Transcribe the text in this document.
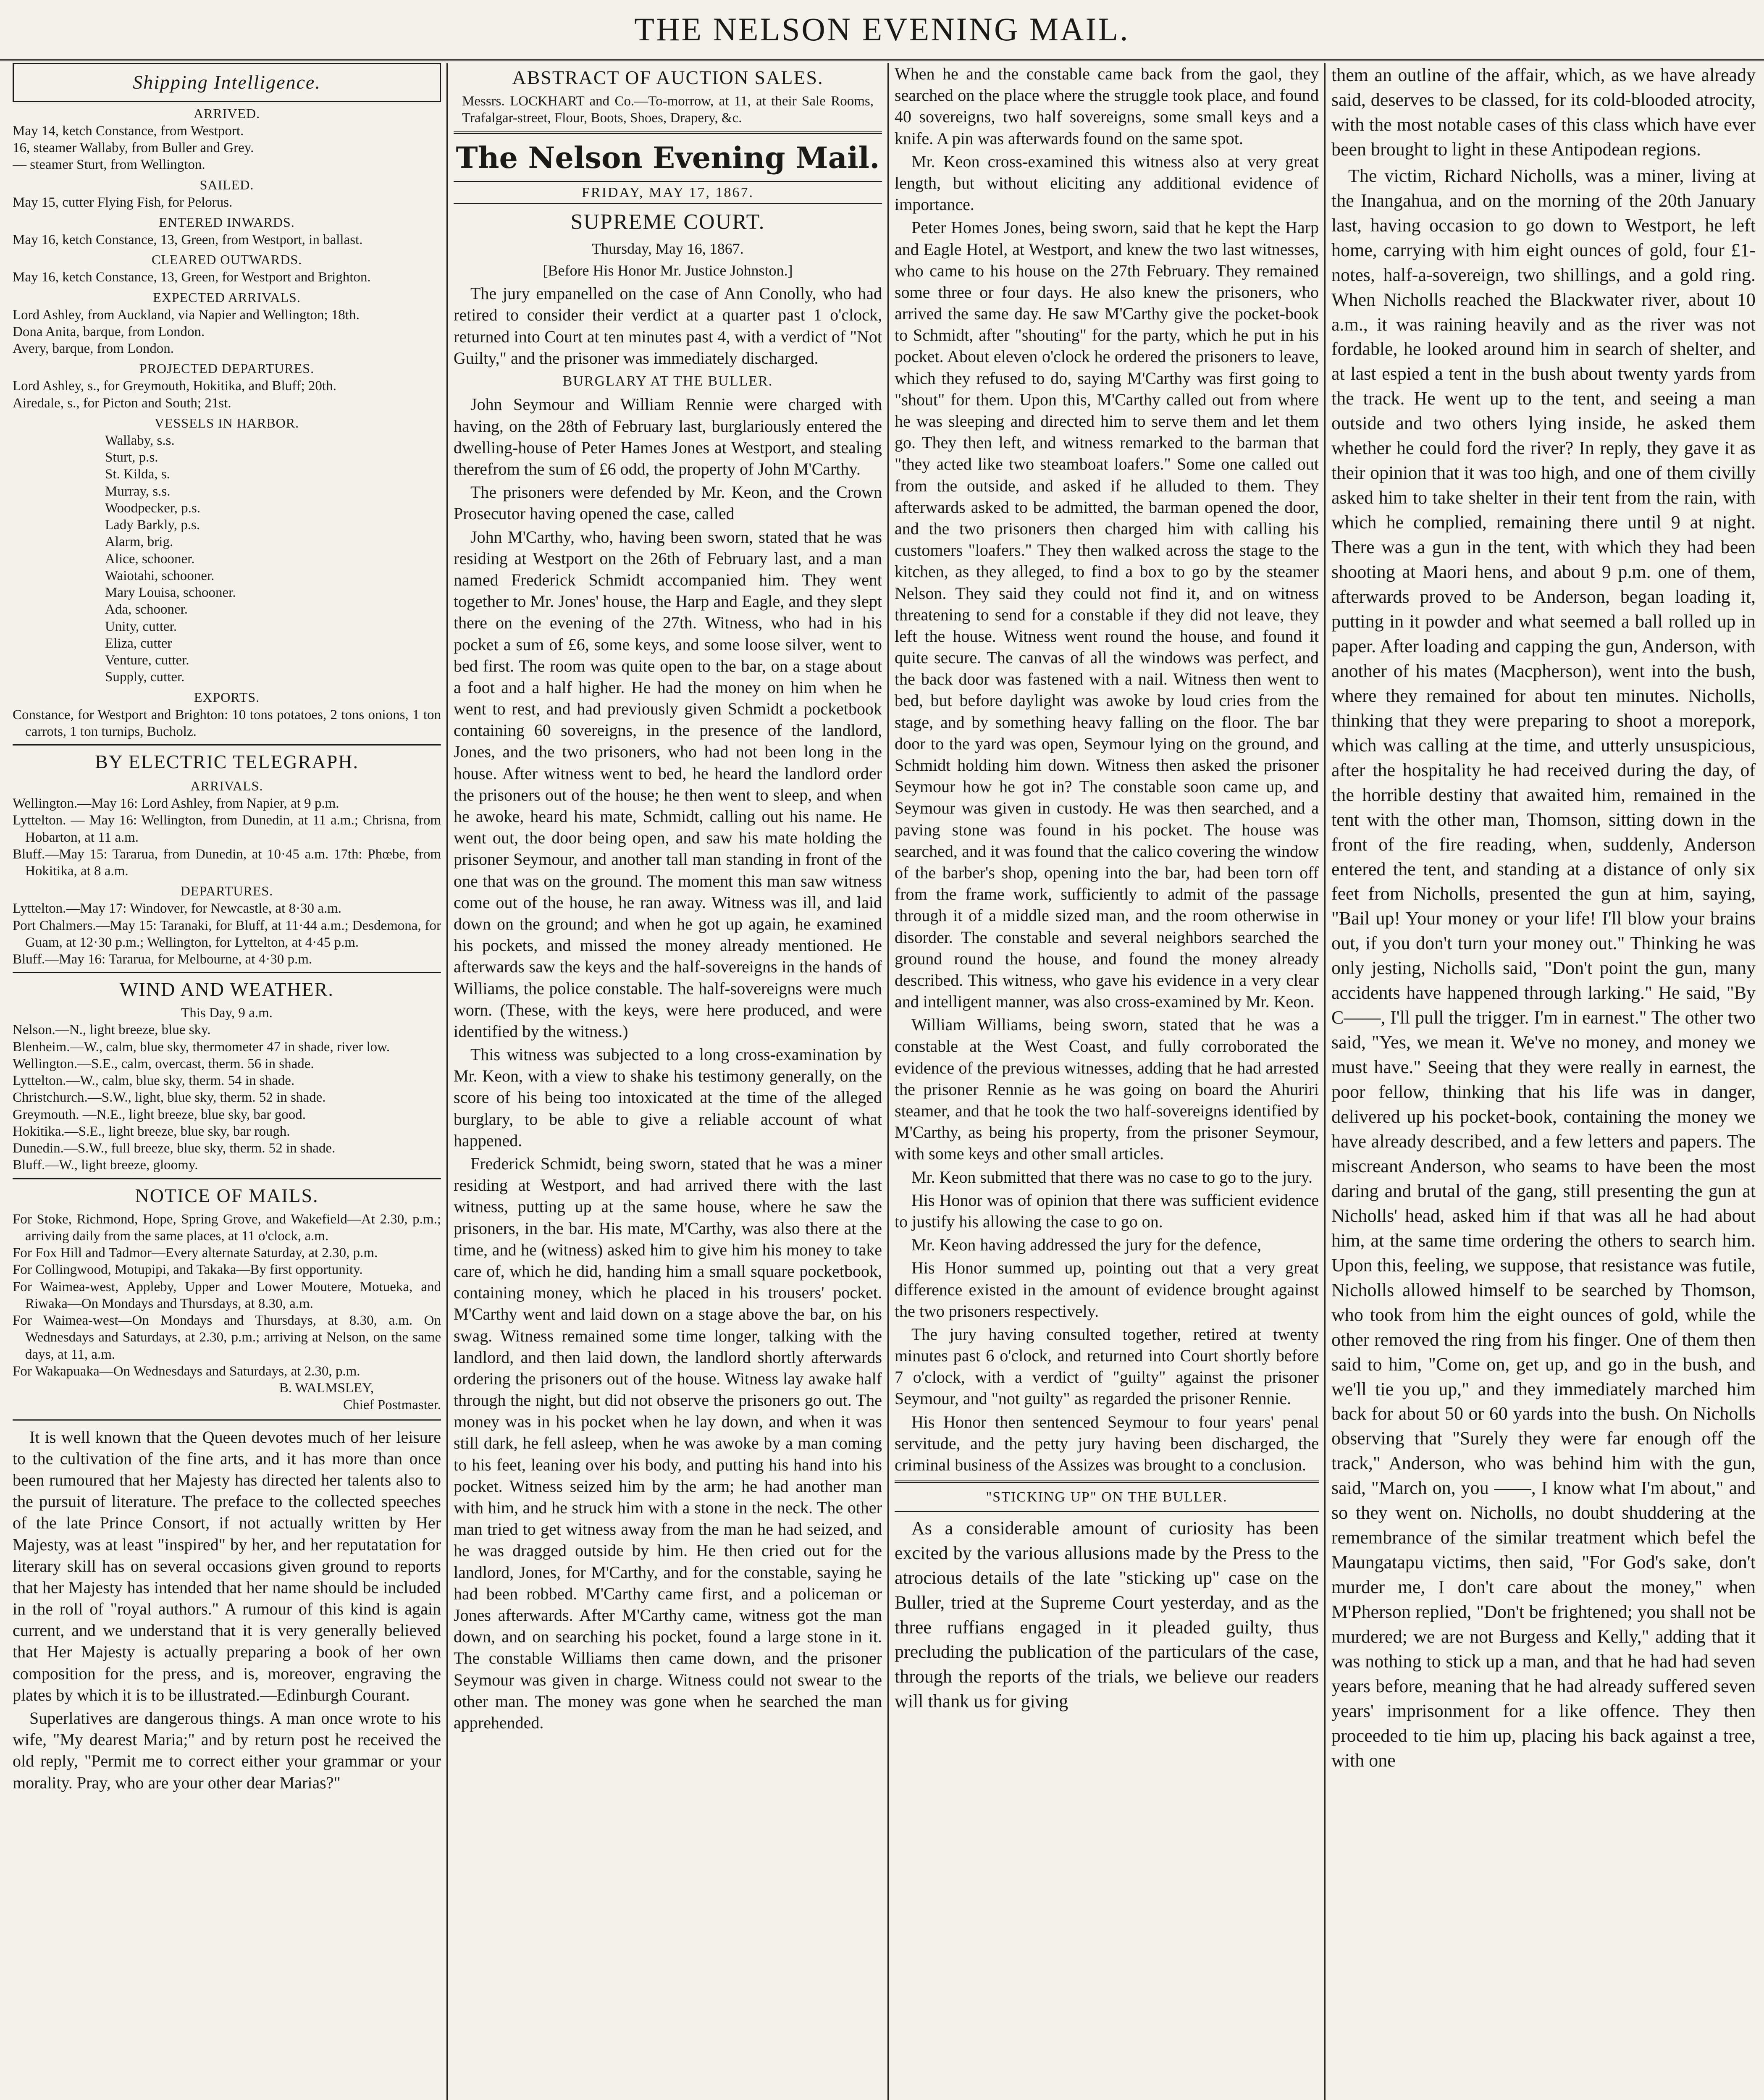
THE NELSON EVENING MAIL.
Shipping Intelligence.
ARRIVED.
May 14, ketch Constance, from Westport.
16, steamer Wallaby, from Buller and Grey.
— steamer Sturt, from Wellington.
SAILED.
May 15, cutter Flying Fish, for Pelorus.
ENTERED INWARDS.
May 16, ketch Constance, 13, Green, from Westport, in ballast.
CLEARED OUTWARDS.
May 16, ketch Constance, 13, Green, for Westport and Brighton.
EXPECTED ARRIVALS.
Lord Ashley, from Auckland, via Napier and Wellington; 18th.
Dona Anita, barque, from London.
Avery, barque, from London.
PROJECTED DEPARTURES.
Lord Ashley, s., for Greymouth, Hokitika, and Bluff; 20th.
Airedale, s., for Picton and South; 21st.
VESSELS IN HARBOR.
Wallaby, s.s.
Sturt, p.s.
St. Kilda, s.
Murray, s.s.
Woodpecker, p.s.
Lady Barkly, p.s.
Alarm, brig.
Alice, schooner.
Waiotahi, schooner.
Mary Louisa, schooner.
Ada, schooner.
Unity, cutter.
Eliza, cutter
Venture, cutter.
Supply, cutter.
EXPORTS.
Constance, for Westport and Brighton: 10 tons potatoes, 2 tons onions, 1 ton carrots, 1 ton turnips, Bucholz.
BY ELECTRIC TELEGRAPH.
ARRIVALS.
Wellington.—May 16: Lord Ashley, from Napier, at 9 p.m.
Lyttelton. — May 16: Wellington, from Dunedin, at 11 a.m.; Chrisna, from Hobarton, at 11 a.m.
Bluff.—May 15: Tararua, from Dunedin, at 10·45 a.m. 17th: Phœbe, from Hokitika, at 8 a.m.
DEPARTURES.
Lyttelton.—May 17: Windover, for Newcastle, at 8·30 a.m.
Port Chalmers.—May 15: Taranaki, for Bluff, at 11·44 a.m.; Desdemona, for Guam, at 12·30 p.m.; Wellington, for Lyttelton, at 4·45 p.m.
Bluff.—May 16: Tararua, for Melbourne, at 4·30 p.m.
WIND AND WEATHER.
This Day, 9 a.m.
Nelson.—N., light breeze, blue sky.
Blenheim.—W., calm, blue sky, thermometer 47 in shade, river low.
Wellington.—S.E., calm, overcast, therm. 56 in shade.
Lyttelton.—W., calm, blue sky, therm. 54 in shade.
Christchurch.—S.W., light, blue sky, therm. 52 in shade.
Greymouth. —N.E., light breeze, blue sky, bar good.
Hokitika.—S.E., light breeze, blue sky, bar rough.
Dunedin.—S.W., full breeze, blue sky, therm. 52 in shade.
Bluff.—W., light breeze, gloomy.
NOTICE OF MAILS.
For Stoke, Richmond, Hope, Spring Grove, and Wakefield—At 2.30, p.m.; arriving daily from the same places, at 11 o'clock, a.m.
For Fox Hill and Tadmor—Every alternate Saturday, at 2.30, p.m.
For Collingwood, Motupipi, and Takaka—By first opportunity.
For Waimea-west, Appleby, Upper and Lower Moutere, Motueka, and Riwaka—On Mondays and Thursdays, at 8.30, a.m.
For Waimea-west—On Mondays and Thursdays, at 8.30, a.m. On Wednesdays and Saturdays, at 2.30, p.m.; arriving at Nelson, on the same days, at 11, a.m.
For Wakapuaka—On Wednesdays and Saturdays, at 2.30, p.m.
B. WALMSLEY,
Chief Postmaster.

It is well known that the Queen devotes much of her leisure to the cultivation of the fine arts, and it has more than once been rumoured that her Majesty has directed her talents also to the pursuit of literature. The preface to the collected speeches of the late Prince Consort, if not actually written by Her Majesty, was at least "inspired" by her, and her reputatation for literary skill has on several occasions given ground to reports that her Majesty has intended that her name should be included in the roll of "royal authors." A rumour of this kind is again current, and we understand that it is very generally believed that Her Majesty is actually preparing a book of her own composition for the press, and is, moreover, engraving the plates by which it is to be illustrated.—Edinburgh Courant.

Superlatives are dangerous things. A man once wrote to his wife, "My dearest Maria;" and by return post he received the old reply, "Permit me to correct either your grammar or your morality. Pray, who are your other dear Marias?"

ABSTRACT OF AUCTION SALES.
Messrs. LOCKHART and Co.—To-morrow, at 11, at their Sale Rooms, Trafalgar-street, Flour, Boots, Shoes, Drapery, &c.
The Nelson Evening Mail.
FRIDAY, MAY 17, 1867.
SUPREME COURT.
Thursday, May 16, 1867.
[Before His Honor Mr. Justice Johnston.]

The jury empanelled on the case of Ann Conolly, who had retired to consider their verdict at a quarter past 1 o'clock, returned into Court at ten minutes past 4, with a verdict of "Not Guilty," and the prisoner was immediately discharged.

BURGLARY AT THE BULLER.

John Seymour and William Rennie were charged with having, on the 28th of February last, burglariously entered the dwelling-house of Peter Hames Jones at Westport, and stealing therefrom the sum of £6 odd, the property of John M'Carthy.

The prisoners were defended by Mr. Keon, and the Crown Prosecutor having opened the case, called

John M'Carthy, who, having been sworn, stated that he was residing at Westport on the 26th of February last, and a man named Frederick Schmidt accompanied him. They went together to Mr. Jones' house, the Harp and Eagle, and they slept there on the evening of the 27th. Witness, who had in his pocket a sum of £6, some keys, and some loose silver, went to bed first. The room was quite open to the bar, on a stage about a foot and a half higher. He had the money on him when he went to rest, and had previously given Schmidt a pocketbook containing 60 sovereigns, in the presence of the landlord, Jones, and the two prisoners, who had not been long in the house. After witness went to bed, he heard the landlord order the prisoners out of the house; he then went to sleep, and when he awoke, heard his mate, Schmidt, calling out his name. He went out, the door being open, and saw his mate holding the prisoner Seymour, and another tall man standing in front of the one that was on the ground. The moment this man saw witness come out of the house, he ran away. Witness was ill, and laid down on the ground; and when he got up again, he examined his pockets, and missed the money already mentioned. He afterwards saw the keys and the half-sovereigns in the hands of Williams, the police constable. The half-sovereigns were much worn. (These, with the keys, were here produced, and were identified by the witness.)

This witness was subjected to a long cross-examination by Mr. Keon, with a view to shake his testimony generally, on the score of his being too intoxicated at the time of the alleged burglary, to be able to give a reliable account of what happened.

Frederick Schmidt, being sworn, stated that he was a miner residing at Westport, and had arrived there with the last witness, putting up at the same house, where he saw the prisoners, in the bar. His mate, M'Carthy, was also there at the time, and he (witness) asked him to give him his money to take care of, which he did, handing him a small square pocketbook, containing money, which he placed in his trousers' pocket. M'Carthy went and laid down on a stage above the bar, on his swag. Witness remained some time longer, talking with the landlord, and then laid down, the landlord shortly afterwards ordering the prisoners out of the house. Witness lay awake half through the night, but did not observe the prisoners go out. The money was in his pocket when he lay down, and when it was still dark, he fell asleep, when he was awoke by a man coming to his feet, leaning over his body, and putting his hand into his pocket. Witness seized him by the arm; he had another man with him, and he struck him with a stone in the neck. The other man tried to get witness away from the man he had seized, and he was dragged outside by him. He then cried out for the landlord, Jones, for M'Carthy, and for the constable, saying he had been robbed. M'Carthy came first, and a policeman or Jones afterwards. After M'Carthy came, witness got the man down, and on searching his pocket, found a large stone in it. The constable Williams then came down, and the prisoner Seymour was given in charge. Witness could not swear to the other man. The money was gone when he searched the man apprehended.

When he and the constable came back from the gaol, they searched on the place where the struggle took place, and found 40 sovereigns, two half sovereigns, some small keys and a knife. A pin was afterwards found on the same spot.

Mr. Keon cross-examined this witness also at very great length, but without eliciting any additional evidence of importance.

Peter Homes Jones, being sworn, said that he kept the Harp and Eagle Hotel, at Westport, and knew the two last witnesses, who came to his house on the 27th February. They remained some three or four days. He also knew the prisoners, who arrived the same day. He saw M'Carthy give the pocket-book to Schmidt, after "shouting" for the party, which he put in his pocket. About eleven o'clock he ordered the prisoners to leave, which they refused to do, saying M'Carthy was first going to "shout" for them. Upon this, M'Carthy called out from where he was sleeping and directed him to serve them and let them go. They then left, and witness remarked to the barman that "they acted like two steamboat loafers." Some one called out from the outside, and asked if he alluded to them. They afterwards asked to be admitted, the barman opened the door, and the two prisoners then charged him with calling his customers "loafers." They then walked across the stage to the kitchen, as they alleged, to find a box to go by the steamer Nelson. They said they could not find it, and on witness threatening to send for a constable if they did not leave, they left the house. Witness went round the house, and found it quite secure. The canvas of all the windows was perfect, and the back door was fastened with a nail. Witness then went to bed, but before daylight was awoke by loud cries from the stage, and by something heavy falling on the floor. The bar door to the yard was open, Seymour lying on the ground, and Schmidt holding him down. Witness then asked the prisoner Seymour how he got in? The constable soon came up, and Seymour was given in custody. He was then searched, and a paving stone was found in his pocket. The house was searched, and it was found that the calico covering the window of the barber's shop, opening into the bar, had been torn off from the frame work, sufficiently to admit of the passage through it of a middle sized man, and the room otherwise in disorder. The constable and several neighbors searched the ground round the house, and found the money already described. This witness, who gave his evidence in a very clear and intelligent manner, was also cross-examined by Mr. Keon.

William Williams, being sworn, stated that he was a constable at the West Coast, and fully corroborated the evidence of the previous witnesses, adding that he had arrested the prisoner Rennie as he was going on board the Ahuriri steamer, and that he took the two half-sovereigns identified by M'Carthy, as being his property, from the prisoner Seymour, with some keys and other small articles.

Mr. Keon submitted that there was no case to go to the jury.

His Honor was of opinion that there was sufficient evidence to justify his allowing the case to go on.

Mr. Keon having addressed the jury for the defence,

His Honor summed up, pointing out that a very great difference existed in the amount of evidence brought against the two prisoners respectively.

The jury having consulted together, retired at twenty minutes past 6 o'clock, and returned into Court shortly before 7 o'clock, with a verdict of "guilty" against the prisoner Seymour, and "not guilty" as regarded the prisoner Rennie.

His Honor then sentenced Seymour to four years' penal servitude, and the petty jury having been discharged, the criminal business of the Assizes was brought to a conclusion.

"STICKING UP" ON THE BULLER.

As a considerable amount of curiosity has been excited by the various allusions made by the Press to the atrocious details of the late "sticking up" case on the Buller, tried at the Supreme Court yesterday, and as the three ruffians engaged in it pleaded guilty, thus precluding the publication of the particulars of the case, through the reports of the trials, we believe our readers will thank us for giving

them an outline of the affair, which, as we have already said, deserves to be classed, for its cold-blooded atrocity, with the most notable cases of this class which have ever been brought to light in these Antipodean regions.

The victim, Richard Nicholls, was a miner, living at the Inangahua, and on the morning of the 20th January last, having occasion to go down to Westport, he left home, carrying with him eight ounces of gold, four £1-notes, half-a-sovereign, two shillings, and a gold ring. When Nicholls reached the Blackwater river, about 10 a.m., it was raining heavily and as the river was not fordable, he looked around him in search of shelter, and at last espied a tent in the bush about twenty yards from the track. He went up to the tent, and seeing a man outside and two others lying inside, he asked them whether he could ford the river? In reply, they gave it as their opinion that it was too high, and one of them civilly asked him to take shelter in their tent from the rain, with which he complied, remaining there until 9 at night. There was a gun in the tent, with which they had been shooting at Maori hens, and about 9 p.m. one of them, afterwards proved to be Anderson, began loading it, putting in it powder and what seemed a ball rolled up in paper. After loading and capping the gun, Anderson, with another of his mates (Macpherson), went into the bush, where they remained for about ten minutes. Nicholls, thinking that they were preparing to shoot a morepork, which was calling at the time, and utterly unsuspicious, after the hospitality he had received during the day, of the horrible destiny that awaited him, remained in the tent with the other man, Thomson, sitting down in the front of the fire reading, when, suddenly, Anderson entered the tent, and standing at a distance of only six feet from Nicholls, presented the gun at him, saying, "Bail up! Your money or your life! I'll blow your brains out, if you don't turn your money out." Thinking he was only jesting, Nicholls said, "Don't point the gun, many accidents have happened through larking." He said, "By C——, I'll pull the trigger. I'm in earnest." The other two said, "Yes, we mean it. We've no money, and money we must have." Seeing that they were really in earnest, the poor fellow, thinking that his life was in danger, delivered up his pocket-book, containing the money we have already described, and a few letters and papers. The miscreant Anderson, who seams to have been the most daring and brutal of the gang, still presenting the gun at Nicholls' head, asked him if that was all he had about him, at the same time ordering the others to search him. Upon this, feeling, we suppose, that resistance was futile, Nicholls allowed himself to be searched by Thomson, who took from him the eight ounces of gold, while the other removed the ring from his finger. One of them then said to him, "Come on, get up, and go in the bush, and we'll tie you up," and they immediately marched him back for about 50 or 60 yards into the bush. On Nicholls observing that "Surely they were far enough off the track," Anderson, who was behind him with the gun, said, "March on, you ——, I know what I'm about," and so they went on. Nicholls, no doubt shuddering at the remembrance of the similar treatment which befel the Maungatapu victims, then said, "For God's sake, don't murder me, I don't care about the money," when M'Pherson replied, "Don't be frightened; you shall not be murdered; we are not Burgess and Kelly," adding that it was nothing to stick up a man, and that he had had seven years before, meaning that he had already suffered seven years' imprisonment for a like offence. They then proceeded to tie him up, placing his back against a tree, with one
